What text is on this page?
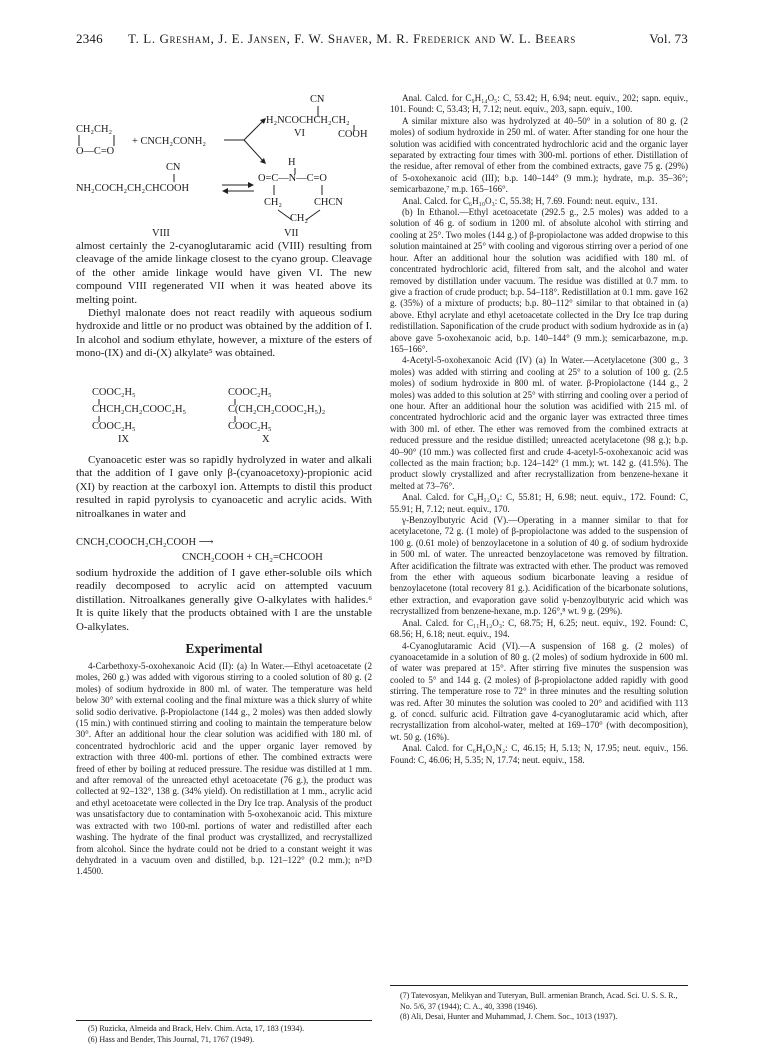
2346 T. L. Gresham, J. E. Jansen, F. W. Shaver, M. R. Frederick and W. L. Beears	Vol. 73
CN
H₂NCOCHCH₂CH₂
VI	COOH
CH₂CH₂
O—C=O
+ CNCH₂CONH₂
CN
NH₂COCH₂CH₂CHCOOH
H
O=C—N—C=O
CH₂	CHCN
CH₂
VIII	VII

almost certainly the 2-cyanoglutaramic acid (VIII) resulting from cleavage of the amide linkage closest to the cyano group. Cleavage of the other amide linkage would have given VI. The new compound VIII regenerated VII when it was heated above its melting point.

Diethyl malonate does not react readily with aqueous sodium hydroxide and little or no product was obtained by the addition of I. In alcohol and sodium ethylate, however, a mixture of the esters of mono-(IX) and di-(X) alkylate⁵ was obtained.

COOC₂H₅
CHCH₂CH₂COOC₂H₅
COOC₂H₅
IX
COOC₂H₅
C(CH₂CH₂COOC₂H₅)₂
COOC₂H₅
X

Cyanoacetic ester was so rapidly hydrolyzed in water and alkali that the addition of I gave only β-(cyanoacetoxy)-propionic acid (XI) by reaction at the carboxyl ion. Attempts to distil this product resulted in rapid pyrolysis to cyanoacetic and acrylic acids. With nitroalkanes in water and

CNCH₂COOCH₂CH₂COOH ⟶
CNCH₂COOH + CH₂=CHCOOH

sodium hydroxide the addition of I gave ether-soluble oils which readily decomposed to acrylic acid on attempted vacuum distillation. Nitroalkanes generally give O-alkylates with halides.⁶ It is quite likely that the products obtained with I are the unstable O-alkylates.

Experimental

4-Carbethoxy-5-oxohexanoic Acid (II): (a) In Water.—Ethyl acetoacetate (2 moles, 260 g.) was added with vigorous stirring to a cooled solution of 80 g. (2 moles) of sodium hydroxide in 800 ml. of water. The temperature was held below 30° with external cooling and the final mixture was a thick slurry of white solid sodio derivative. β-Propiolactone (144 g., 2 moles) was then added slowly (15 min.) with continued stirring and cooling to maintain the temperature below 30°. After an additional hour the clear solution was acidified with 180 ml. of concentrated hydrochloric acid and the upper organic layer removed by extraction with three 400-ml. portions of ether. The combined extracts were freed of ether by boiling at reduced pressure. The residue was distilled at 1 mm. and after removal of the unreacted ethyl acetoacetate (76 g.), the product was collected at 92–132°, 138 g. (34% yield). On redistillation at 1 mm., acrylic acid and ethyl acetoacetate were collected in the Dry Ice trap. Analysis of the product was unsatisfactory due to contamination with 5-oxohexanoic acid. This mixture was extracted with two 100-ml. portions of water and redistilled after each washing. The hydrate of the final product was crystallized, and recrystallized from alcohol. Since the hydrate could not be dried to a constant weight it was dehydrated in a vacuum oven and distilled, b.p. 121–122° (0.2 mm.); n²⁵D 1.4500.

(5) Ruzicka, Almeida and Brack, Helv. Chim. Acta, 17, 183 (1934).

(6) Hass and Bender, This Journal, 71, 1767 (1949).

Anal. Calcd. for C₉H₁₄O₅: C, 53.42; H, 6.94; neut. equiv., 202; sapn. equiv., 101. Found: C, 53.43; H, 7.12; neut. equiv., 203, sapn. equiv., 100.

A similar mixture also was hydrolyzed at 40–50° in a solution of 80 g. (2 moles) of sodium hydroxide in 250 ml. of water. After standing for one hour the solution was acidified with concentrated hydrochloric acid and the organic layer separated by extracting four times with 300-ml. portions of ether. Distillation of the residue, after removal of ether from the combined extracts, gave 75 g. (29%) of 5-oxohexanoic acid (III); b.p. 140–144° (9 mm.); hydrate, m.p. 35–36°; semicarbazone,⁷ m.p. 165–166°.

Anal. Calcd. for C₆H₁₀O₃: C, 55.38; H, 7.69. Found: neut. equiv., 131.

(b) In Ethanol.—Ethyl acetoacetate (292.5 g., 2.5 moles) was added to a solution of 46 g. of sodium in 1200 ml. of absolute alcohol with stirring and cooling at 25°. Two moles (144 g.) of β-propiolactone was added dropwise to this solution maintained at 25° with cooling and vigorous stirring over a period of one hour. After an additional hour the solution was acidified with 180 ml. of concentrated hydrochloric acid, filtered from salt, and the alcohol and water removed by distillation under vacuum. The residue was distilled at 0.7 mm. to give a fraction of crude product; b.p. 54–118°. Redistillation at 0.1 mm. gave 162 g. (35%) of a mixture of products; b.p. 80–112° similar to that obtained in (a) above. Ethyl acrylate and ethyl acetoacetate collected in the Dry Ice trap during redistillation. Saponification of the crude product with sodium hydroxide as in (a) above gave 5-oxohexanoic acid, b.p. 140–144° (9 mm.); semicarbazone, m.p. 165–166°.

4-Acetyl-5-oxohexanoic Acid (IV) (a) In Water.—Acetylacetone (300 g., 3 moles) was added with stirring and cooling at 25° to a solution of 100 g. (2.5 moles) of sodium hydroxide in 800 ml. of water. β-Propiolactone (144 g., 2 moles) was added to this solution at 25° with stirring and cooling over a period of one hour. After an additional hour the solution was acidified with 215 ml. of concentrated hydrochloric acid and the organic layer was extracted three times with 300 ml. of ether. The ether was removed from the combined extracts at reduced pressure and the residue distilled; unreacted acetylacetone (98 g.); b.p. 40–90° (10 mm.) was collected first and crude 4-acetyl-5-oxohexanoic acid was collected as the main fraction; b.p. 124–142° (1 mm.); wt. 142 g. (41.5%). The product slowly crystallized and after recrystallization from benzene-hexane it melted at 73–76°.

Anal. Calcd. for C₈H₁₂O₄: C, 55.81; H, 6.98; neut. equiv., 172. Found: C, 55.91; H, 7.12; neut. equiv., 170.

γ-Benzoylbutyric Acid (V).—Operating in a manner similar to that for acetylacetone, 72 g. (1 mole) of β-propiolactone was added to the suspension of 100 g. (0.61 mole) of benzoylacetone in a solution of 40 g. of sodium hydroxide in 500 ml. of water. The unreacted benzoylacetone was removed by filtration. After acidification the filtrate was extracted with ether. The product was removed from the ether with aqueous sodium bicarbonate leaving a residue of benzoylacetone (total recovery 81 g.). Acidification of the bicarbonate solutions, ether extraction, and evaporation gave solid γ-benzoylbutyric acid which was recrystallized from benzene-hexane, m.p. 126°,⁸ wt. 9 g. (29%).

Anal. Calcd. for C₁₁H₁₂O₃: C, 68.75; H, 6.25; neut. equiv., 192. Found: C, 68.56; H, 6.18; neut. equiv., 194.

4-Cyanoglutaramic Acid (VI).—A suspension of 168 g. (2 moles) of cyanoacetamide in a solution of 80 g. (2 moles) of sodium hydroxide in 600 ml. of water was prepared at 15°. After stirring five minutes the suspension was cooled to 5° and 144 g. (2 moles) of β-propiolactone added rapidly with good stirring. The temperature rose to 72° in three minutes and the resulting solution was red. After 30 minutes the solution was cooled to 20° and acidified with 113 g. of concd. sulfuric acid. Filtration gave 4-cyanoglutaramic acid which, after recrystallization from alcohol-water, melted at 169–170° (with decomposition), wt. 50 g. (16%).

Anal. Calcd. for C₆H₈O₃N₂: C, 46.15; H, 5.13; N, 17.95; neut. equiv., 156. Found: C, 46.06; H, 5.35; N, 17.74; neut. equiv., 158.

(7) Tatevosyan, Melikyan and Tuteryan, Bull. armenian Branch, Acad. Sci. U. S. S. R., No. 5/6, 37 (1944); C. A., 40, 3398 (1946).

(8) Ali, Desai, Hunter and Muhammad, J. Chem. Soc., 1013 (1937).
